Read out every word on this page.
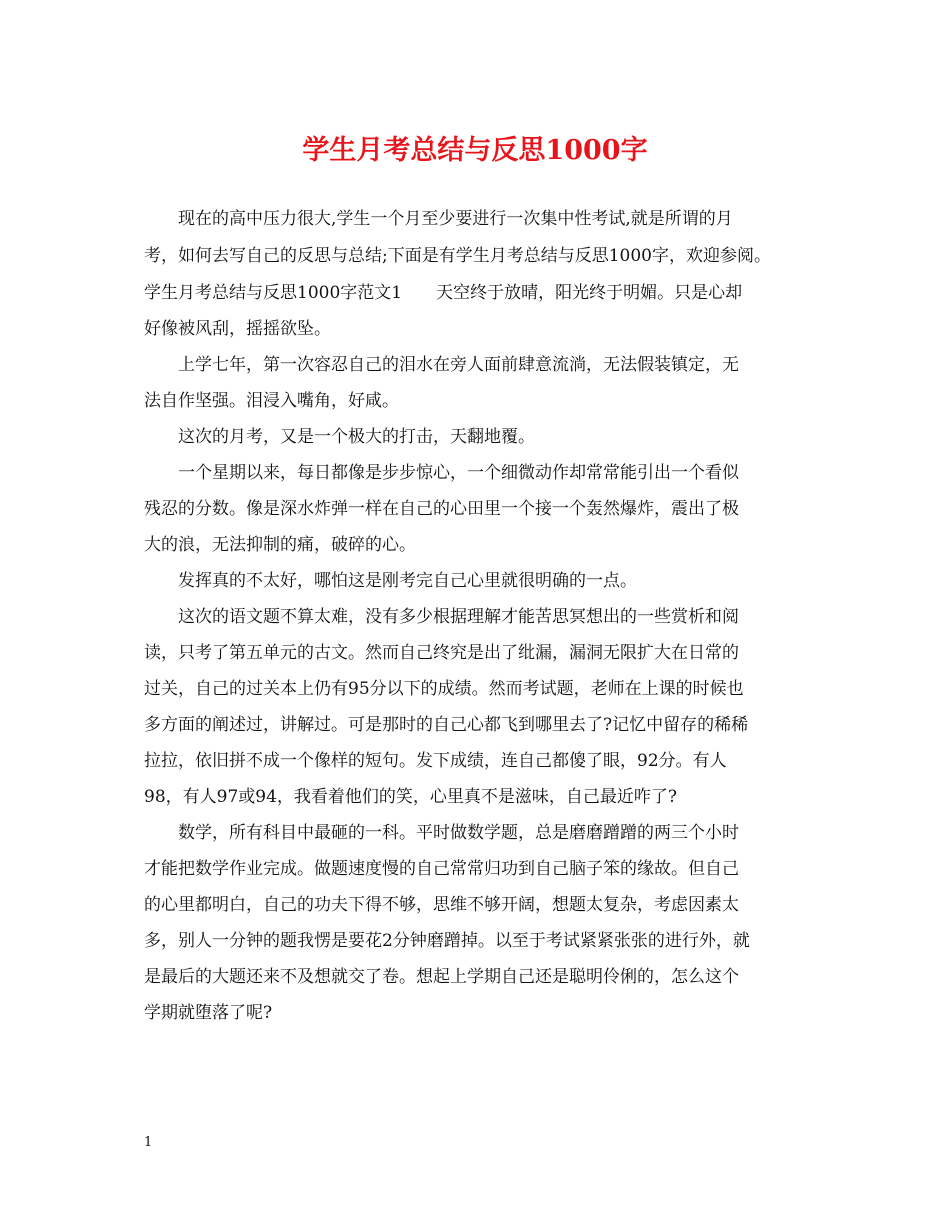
学生月考总结与反思1000字

现在的高中压力很大,学生一个月至少要进行一次集中性考试,就是所谓的月

考，如何去写自己的反思与总结;下面是有学生月考总结与反思1000字，欢迎参阅。

学生月考总结与反思1000字范文1　　天空终于放晴，阳光终于明媚。只是心却

好像被风刮，摇摇欲坠。

上学七年，第一次容忍自己的泪水在旁人面前肆意流淌，无法假装镇定，无

法自作坚强。泪浸入嘴角，好咸。

这次的月考，又是一个极大的打击，天翻地覆。

一个星期以来，每日都像是步步惊心，一个细微动作却常常能引出一个看似

残忍的分数。像是深水炸弹一样在自己的心田里一个接一个轰然爆炸，震出了极

大的浪，无法抑制的痛，破碎的心。

发挥真的不太好，哪怕这是刚考完自己心里就很明确的一点。

这次的语文题不算太难，没有多少根据理解才能苦思冥想出的一些赏析和阅

读，只考了第五单元的古文。然而自己终究是出了纰漏，漏洞无限扩大在日常的

过关，自己的过关本上仍有95分以下的成绩。然而考试题，老师在上课的时候也

多方面的阐述过，讲解过。可是那时的自己心都飞到哪里去了?记忆中留存的稀稀

拉拉，依旧拼不成一个像样的短句。发下成绩，连自己都傻了眼，92分。有人

98，有人97或94，我看着他们的笑，心里真不是滋味，自己最近咋了?

数学，所有科目中最砸的一科。平时做数学题，总是磨磨蹭蹭的两三个小时

才能把数学作业完成。做题速度慢的自己常常归功到自己脑子笨的缘故。但自己

的心里都明白，自己的功夫下得不够，思维不够开阔，想题太复杂，考虑因素太

多，别人一分钟的题我愣是要花2分钟磨蹭掉。以至于考试紧紧张张的进行外，就

是最后的大题还来不及想就交了卷。想起上学期自己还是聪明伶俐的，怎么这个

学期就堕落了呢?

1
